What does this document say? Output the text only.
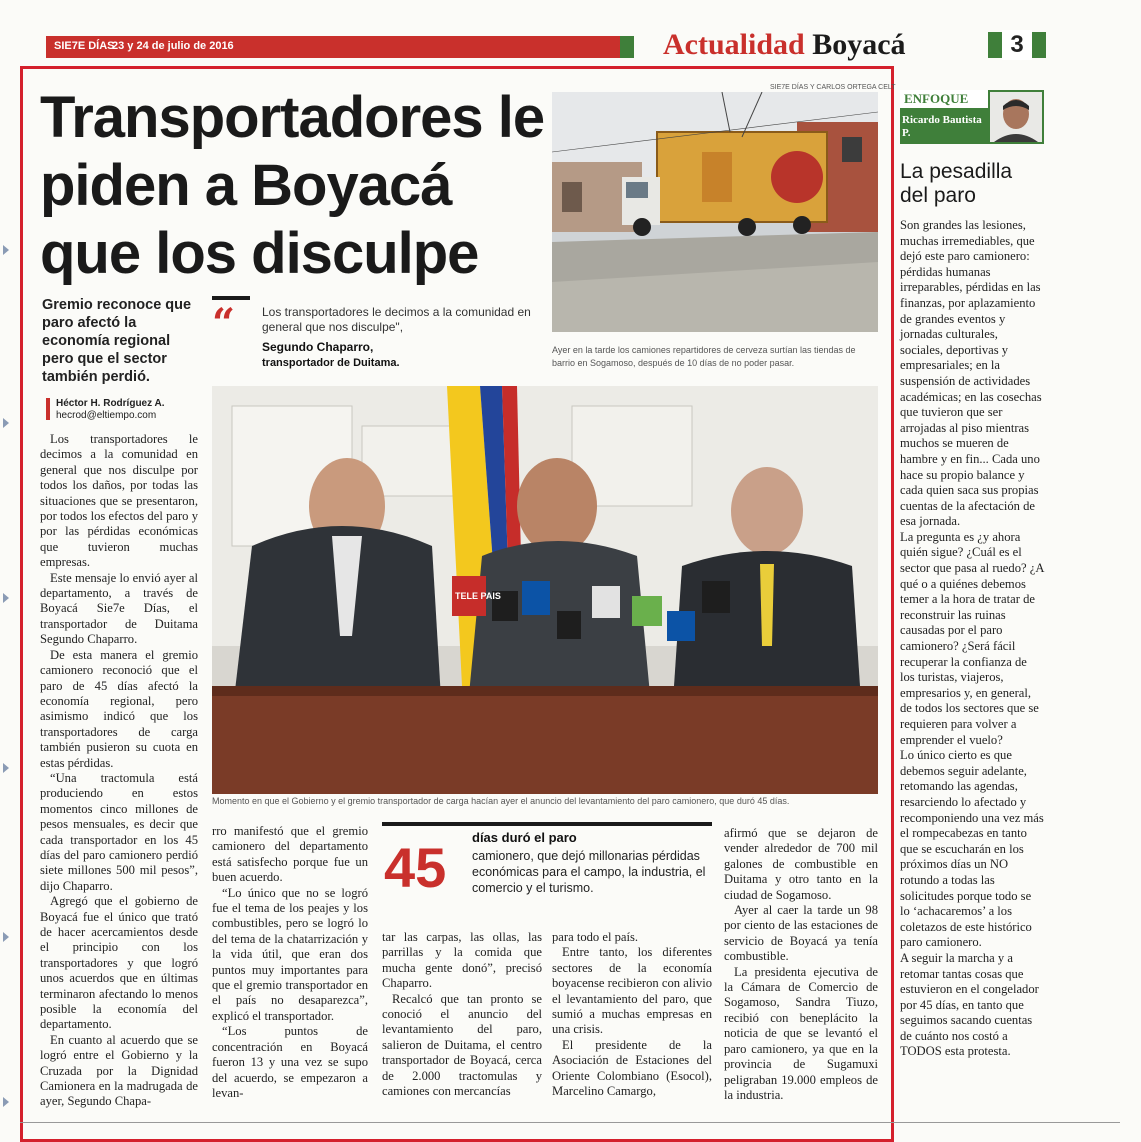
SIE7E DÍAS
23 y 24 de julio de 2016	Actualidad Boyacá	3
Transportadores le piden a Boyacá que los disculpe
Gremio reconoce que paro afectó la economía regional pero que el sector también perdió.
Héctor H. Rodríguez A.
hecrod@eltiempo.com
“ Los transportadores le decimos a la comunidad en general que nos disculpe",
Segundo Chaparro,
transportador de Duitama.
SIE7E DÍAS Y CARLOS ORTEGA CELT
Ayer en la tarde los camiones repartidores de cerveza surtían las tiendas de barrio en Sogamoso, después de 10 días de no poder pasar.
TELE PAIS
Momento en que el Gobierno y el gremio transportador de carga hacían ayer el anuncio del levantamiento del paro camionero, que duró 45 días.

Los transportadores le decimos a la comunidad en general que nos disculpe por todos los daños, por todas las situaciones que se presentaron, por todos los efectos del paro y por las pérdidas económicas que tuvieron muchas empresas.

Este mensaje lo envió ayer al departamento, a través de Boyacá Sie7e Días, el transportador de Duitama Segundo Chaparro.

De esta manera el gremio camionero reconoció que el paro de 45 días afectó la economía regional, pero asimismo indicó que los transportadores de carga también pusieron su cuota en estas pérdidas.

“Una tractomula está produciendo en estos momentos cinco millones de pesos mensuales, es decir que cada transportador en los 45 días del paro camionero perdió siete millones 500 mil pesos”, dijo Chaparro.

Agregó que el gobierno de Boyacá fue el único que trató de hacer acercamientos desde el principio con los transportadores y que logró unos acuerdos que en últimas terminaron afectando lo menos posible la economía del departamento.

En cuanto al acuerdo que se logró entre el Gobierno y la Cruzada por la Dignidad Camionera en la madrugada de ayer, Segundo Chapa-

rro manifestó que el gremio camionero del departamento está satisfecho porque fue un buen acuerdo.

“Lo único que no se logró fue el tema de los peajes y los combustibles, pero se logró lo del tema de la chatarrización y la vida útil, que eran dos puntos muy importantes para que el gremio transportador en el país no desaparezca”, explicó el transportador.

“Los puntos de concentración en Boyacá fueron 13 y una vez se supo del acuerdo, se empezaron a levan-

45 días duró el paro
camionero, que dejó millonarias pérdidas económicas para el campo, la industria, el comercio y el turismo.

tar las carpas, las ollas, las parrillas y la comida que mucha gente donó”, precisó Chaparro.

Recalcó que tan pronto se conoció el anuncio del levantamiento del paro, salieron de Duitama, el centro transportador de Boyacá, cerca de 2.000 tractomulas y camiones con mercancías

para todo el país.

Entre tanto, los diferentes sectores de la economía boyacense recibieron con alivio el levantamiento del paro, que sumió a muchas empresas en una crisis.

El presidente de la Asociación de Estaciones del Oriente Colombiano (Esocol), Marcelino Camargo,

afirmó que se dejaron de vender alrededor de 700 mil galones de combustible en Duitama y otro tanto en la ciudad de Sogamoso.

Ayer al caer la tarde un 98 por ciento de las estaciones de servicio de Boyacá ya tenía combustible.

La presidenta ejecutiva de la Cámara de Comercio de Sogamoso, Sandra Tiuzo, recibió con beneplácito la noticia de que se levantó el paro camionero, ya que en la provincia de Sugamuxi peligraban 19.000 empleos de la industria.

ENFOQUE
Ricardo Bautista P.
La pesadilla del paro

Son grandes las lesiones, muchas irremediables, que dejó este paro camionero: pérdidas humanas irreparables, pérdidas en las finanzas, por aplazamiento de grandes eventos y jornadas culturales, sociales, deportivas y empresariales; en la suspensión de actividades académicas; en las cosechas que tuvieron que ser arrojadas al piso mientras muchos se mueren de hambre y en fin... Cada uno hace su propio balance y cada quien saca sus propias cuentas de la afectación de esa jornada.

La pregunta es ¿y ahora quién sigue? ¿Cuál es el sector que pasa al ruedo? ¿A qué o a quiénes debemos temer a la hora de tratar de reconstruir las ruinas causadas por el paro camionero? ¿Será fácil recuperar la confianza de los turistas, viajeros, empresarios y, en general, de todos los sectores que se requieren para volver a emprender el vuelo?

Lo único cierto es que debemos seguir adelante, retomando las agendas, resarciendo lo afectado y recomponiendo una vez más el rompecabezas en tanto que se escucharán en los próximos días un NO rotundo a todas las solicitudes porque todo se lo ‘achacaremos’ a los coletazos de este histórico paro camionero.

A seguir la marcha y a retomar tantas cosas que estuvieron en el congelador por 45 días, en tanto que seguimos sacando cuentas de cuánto nos costó a TODOS esta protesta.
